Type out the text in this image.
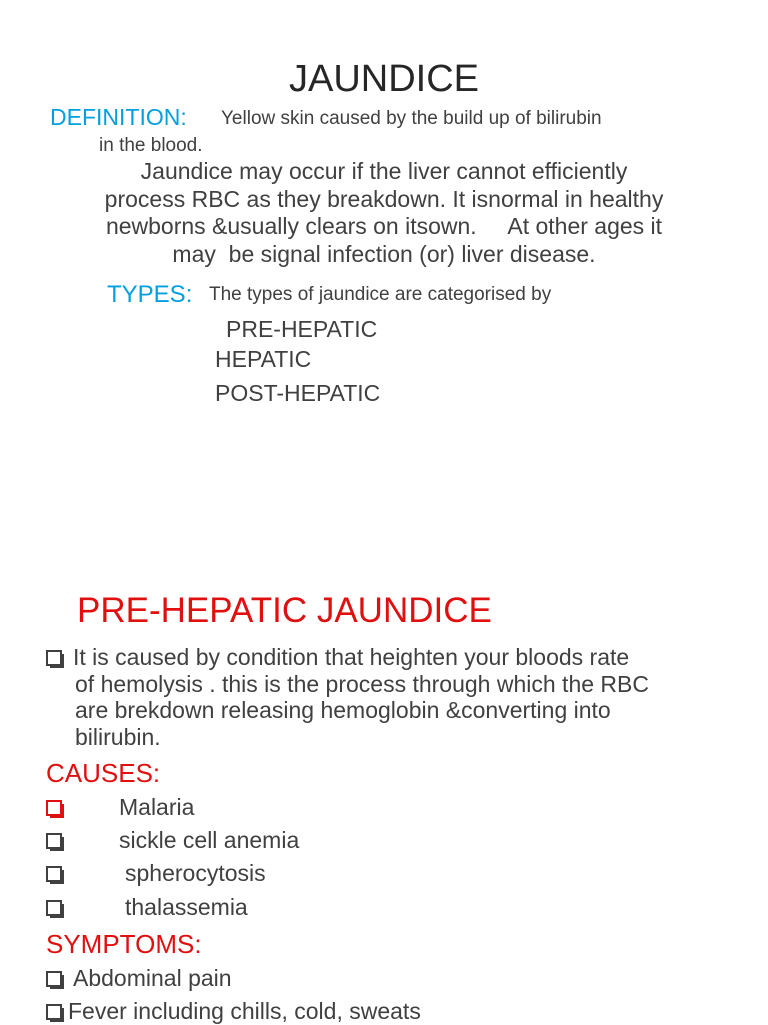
JAUNDICE
DEFINITION: Yellow skin caused by the build up of bilirubin
in the blood.
Jaundice may occur if the liver cannot efficiently
process RBC as they breakdown. It isnormal in healthy
newborns &usually clears on itsown.     At other ages it
may  be signal infection (or) liver disease.
TYPES: The types of jaundice are categorised by
PRE-HEPATIC
HEPATIC
POST-HEPATIC
PRE-HEPATIC JAUNDICE
It is caused by condition that heighten your bloods rate
of hemolysis . this is the process through which the RBC
are brekdown releasing hemoglobin &converting into
bilirubin.
CAUSES:
Malaria
sickle cell anemia
spherocytosis
thalassemia
SYMPTOMS:
Abdominal pain
Fever including chills, cold, sweats
